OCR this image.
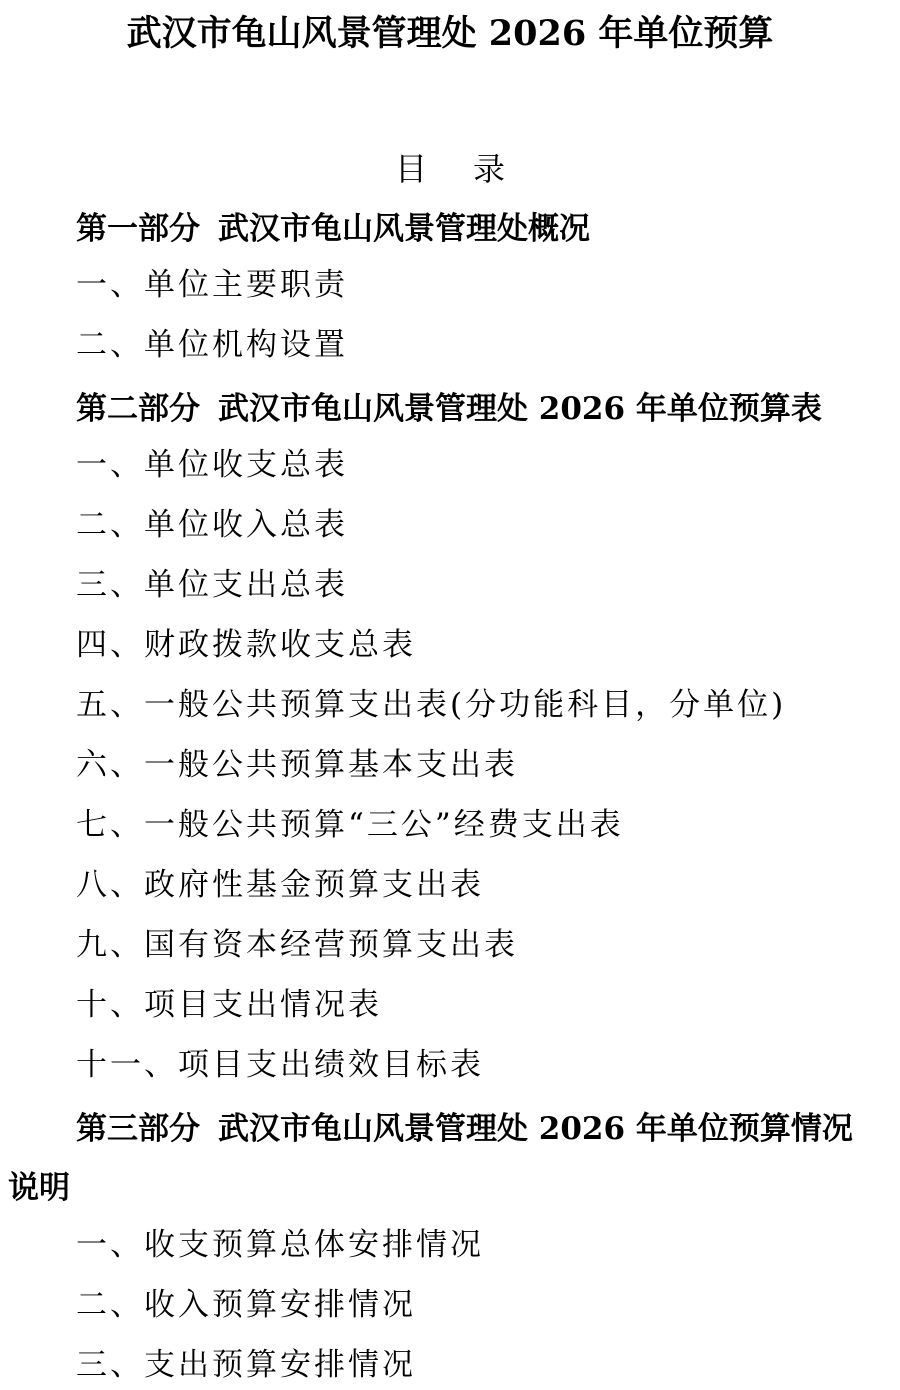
武汉市龟山风景管理处 2026 年单位预算
目 录
第一部分 武汉市龟山风景管理处概况
一、单位主要职责
二、单位机构设置
第二部分 武汉市龟山风景管理处 2026 年单位预算表
一、单位收支总表
二、单位收入总表
三、单位支出总表
四、财政拨款收支总表
五、一般公共预算支出表(分功能科目，分单位)
六、一般公共预算基本支出表
七、一般公共预算“三公”经费支出表
八、政府性基金预算支出表
九、国有资本经营预算支出表
十、项目支出情况表
十一、项目支出绩效目标表
第三部分 武汉市龟山风景管理处 2026 年单位预算情况
说明
一、收支预算总体安排情况
二、收入预算安排情况
三、支出预算安排情况
